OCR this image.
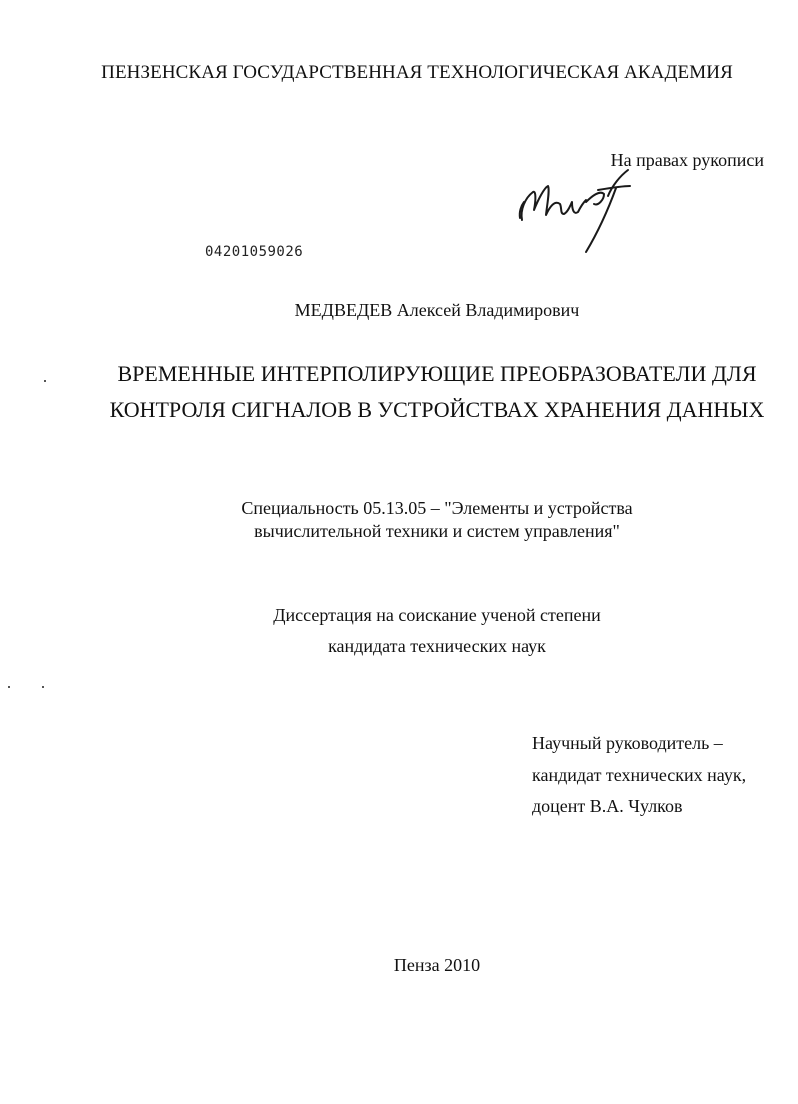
ПЕНЗЕНСКАЯ ГОСУДАРСТВЕННАЯ ТЕХНОЛОГИЧЕСКАЯ АКАДЕМИЯ
На правах рукописи
04201059026
МЕДВЕДЕВ Алексей Владимирович
ВРЕМЕННЫЕ ИНТЕРПОЛИРУЮЩИЕ ПРЕОБРАЗОВАТЕЛИ ДЛЯ
КОНТРОЛЯ СИГНАЛОВ В УСТРОЙСТВАХ ХРАНЕНИЯ ДАННЫХ
Специальность 05.13.05 – "Элементы и устройства
вычислительной техники и систем управления"
Диссертация на соискание ученой степени
кандидата технических наук
Научный руководитель –
кандидат технических наук,
доцент В.А. Чулков
Пенза 2010
